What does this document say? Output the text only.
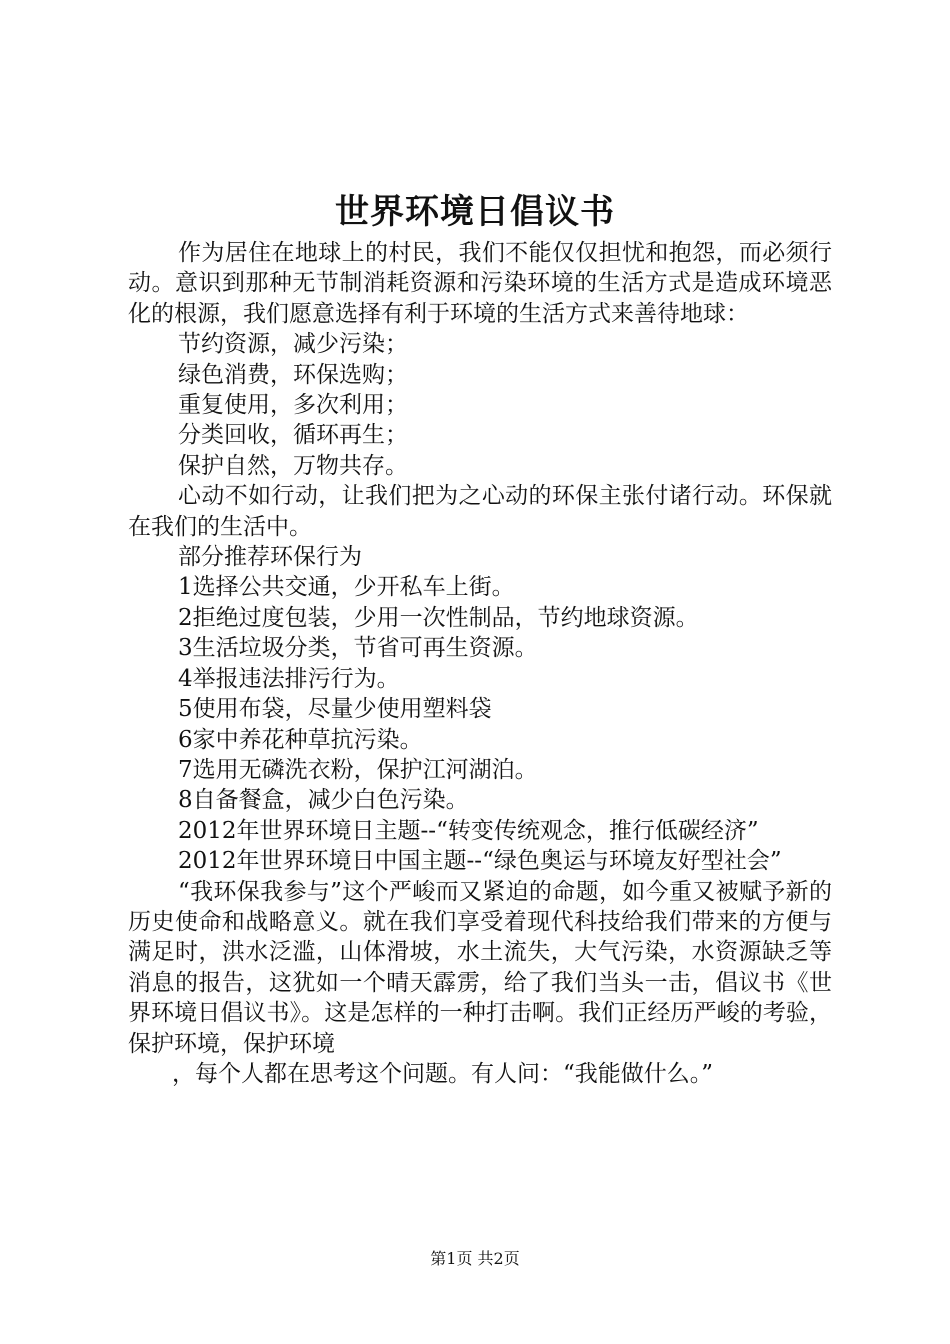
世界环境日倡议书

作为居住在地球上的村民，我们不能仅仅担忧和抱怨，而必须行动。意识到那种无节制消耗资源和污染环境的生活方式是造成环境恶化的根源，我们愿意选择有利于环境的生活方式来善待地球：

节约资源，减少污染；

绿色消费，环保选购；

重复使用，多次利用；

分类回收，循环再生；

保护自然，万物共存。

心动不如行动，让我们把为之心动的环保主张付诸行动。环保就在我们的生活中。

部分推荐环保行为

1选择公共交通，少开私车上街。

2拒绝过度包装，少用一次性制品，节约地球资源。

3生活垃圾分类，节省可再生资源。

4举报违法排污行为。

5使用布袋，尽量少使用塑料袋

6家中养花种草抗污染。

7选用无磷洗衣粉，保护江河湖泊。

8自备餐盒，减少白色污染。

2012年世界环境日主题--“转变传统观念，推行低碳经济”

2012年世界环境日中国主题--“绿色奥运与环境友好型社会”

“我环保我参与”这个严峻而又紧迫的命题，如今重又被赋予新的历史使命和战略意义。就在我们享受着现代科技给我们带来的方便与满足时，洪水泛滥，山体滑坡，水土流失，大气污染，水资源缺乏等消息的报告，这犹如一个晴天霹雳，给了我们当头一击，倡议书《世界环境日倡议书》。这是怎样的一种打击啊。我们正经历严峻的考验，保护环境，保护环境

，每个人都在思考这个问题。有人问：“我能做什么。”

第1页 共2页
